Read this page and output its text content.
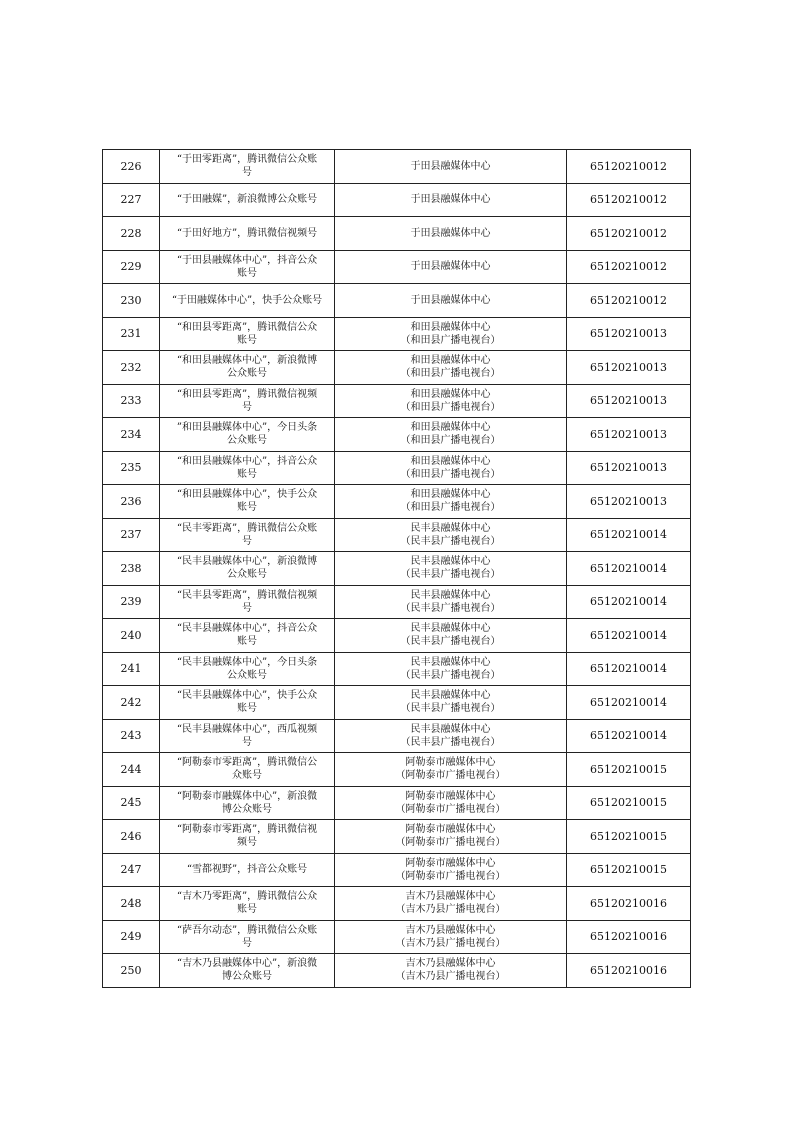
226	“于田零距离”，腾讯微信公众账
号	于田县融媒体中心	65120210012
227	“于田融媒”，新浪微博公众账号	于田县融媒体中心	65120210012
228	“于田好地方”，腾讯微信视频号	于田县融媒体中心	65120210012
229	“于田县融媒体中心”，抖音公众
账号	于田县融媒体中心	65120210012
230	“于田融媒体中心”，快手公众账号	于田县融媒体中心	65120210012
231	“和田县零距离”，腾讯微信公众
账号	和田县融媒体中心
（和田县广播电视台）	65120210013
232	“和田县融媒体中心”，新浪微博
公众账号	和田县融媒体中心
（和田县广播电视台）	65120210013
233	“和田县零距离”，腾讯微信视频
号	和田县融媒体中心
（和田县广播电视台）	65120210013
234	”和田县融媒体中心”，今日头条
公众账号	和田县融媒体中心
（和田县广播电视台）	65120210013
235	“和田县融媒体中心”，抖音公众
账号	和田县融媒体中心
（和田县广播电视台）	65120210013
236	“和田县融媒体中心”，快手公众
账号	和田县融媒体中心
（和田县广播电视台）	65120210013
237	“民丰零距离”，腾讯微信公众账
号	民丰县融媒体中心
（民丰县广播电视台）	65120210014
238	“民丰县融媒体中心”，新浪微博
公众账号	民丰县融媒体中心
（民丰县广播电视台）	65120210014
239	“民丰县零距离”，腾讯微信视频
号	民丰县融媒体中心
（民丰县广播电视台）	65120210014
240	“民丰县融媒体中心”，抖音公众
账号	民丰县融媒体中心
（民丰县广播电视台）	65120210014
241	“民丰县融媒体中心”，今日头条
公众账号	民丰县融媒体中心
（民丰县广播电视台）	65120210014
242	“民丰县融媒体中心”，快手公众
账号	民丰县融媒体中心
（民丰县广播电视台）	65120210014
243	“民丰县融媒体中心”，西瓜视频
号	民丰县融媒体中心
（民丰县广播电视台）	65120210014
244	“阿勒泰市零距离”，腾讯微信公
众账号	阿勒泰市融媒体中心
（阿勒泰市广播电视台）	65120210015
245	“阿勒泰市融媒体中心”，新浪微
博公众账号	阿勒泰市融媒体中心
（阿勒泰市广播电视台）	65120210015
246	“阿勒泰市零距离”，腾讯微信视
频号	阿勒泰市融媒体中心
（阿勒泰市广播电视台）	65120210015
247	“雪都视野”，抖音公众账号	阿勒泰市融媒体中心
（阿勒泰市广播电视台）	65120210015
248	“吉木乃零距离”，腾讯微信公众
账号	吉木乃县融媒体中心
（吉木乃县广播电视台）	65120210016
249	“萨吾尔动态”，腾讯微信公众账
号	吉木乃县融媒体中心
（吉木乃县广播电视台）	65120210016
250	“吉木乃县融媒体中心”，新浪微
博公众账号	吉木乃县融媒体中心
（吉木乃县广播电视台）	65120210016
